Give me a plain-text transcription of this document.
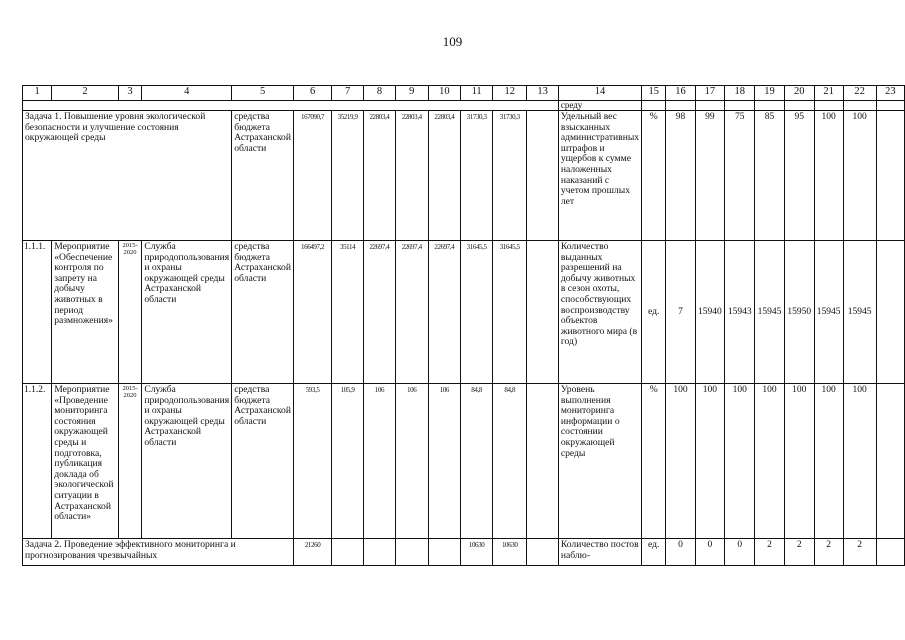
109
1	2	3	4	5	6	7	8	9	10	11	12	13	14	15	16	17	18	19	20	21	22	23
													среду									
Задача 1. Повышение уровня экологической безопасности и улучшение состояния окружающей среды				средства бюджета Астраханской области	167090,7	35219,9	22803,4	22803,4	22803,4	31730,3	31730,3		Удельный вес взысканных административных штрафов и ущербов к сумме наложенных наказаний с учетом прошлых лет	%	98	99	75	85	95	100	100	
1.1.1.	Мероприятие «Обеспечение контроля по запрету на добычу животных в период размножения»	2015-2020	Служба природопользования и охраны окружающей среды Астраханской области	средства бюджета Астраханской области	166497,2	35114	22697,4	22697,4	22697,4	31645,5	31645,5		Количество выданных разрешений на добычу животных в сезон охоты, способствующих воспроизводству объектов животного мира (в год)	ед.	7	15940	15943	15945	15950	15945	15945	
1.1.2.	Мероприятие «Проведение мониторинга состояния окружающей среды и подготовка, публикация доклада об экологической ситуации в Астраханской области»	2015-2020	Служба природопользования и охраны окружающей среды Астраханской области	средства бюджета Астраханской области	593,5	105,9	106	106	106	84,8	84,8		Уровень выполнения мониторинга информации о состоянии окружающей среды	%	100	100	100	100	100	100	100	
Задача 2. Проведение эффективного мониторинга и прогнозирования чрезвычайных					21260					10630	10630		Количество постов наблю-	ед.	0	0	0	2	2	2	2	
